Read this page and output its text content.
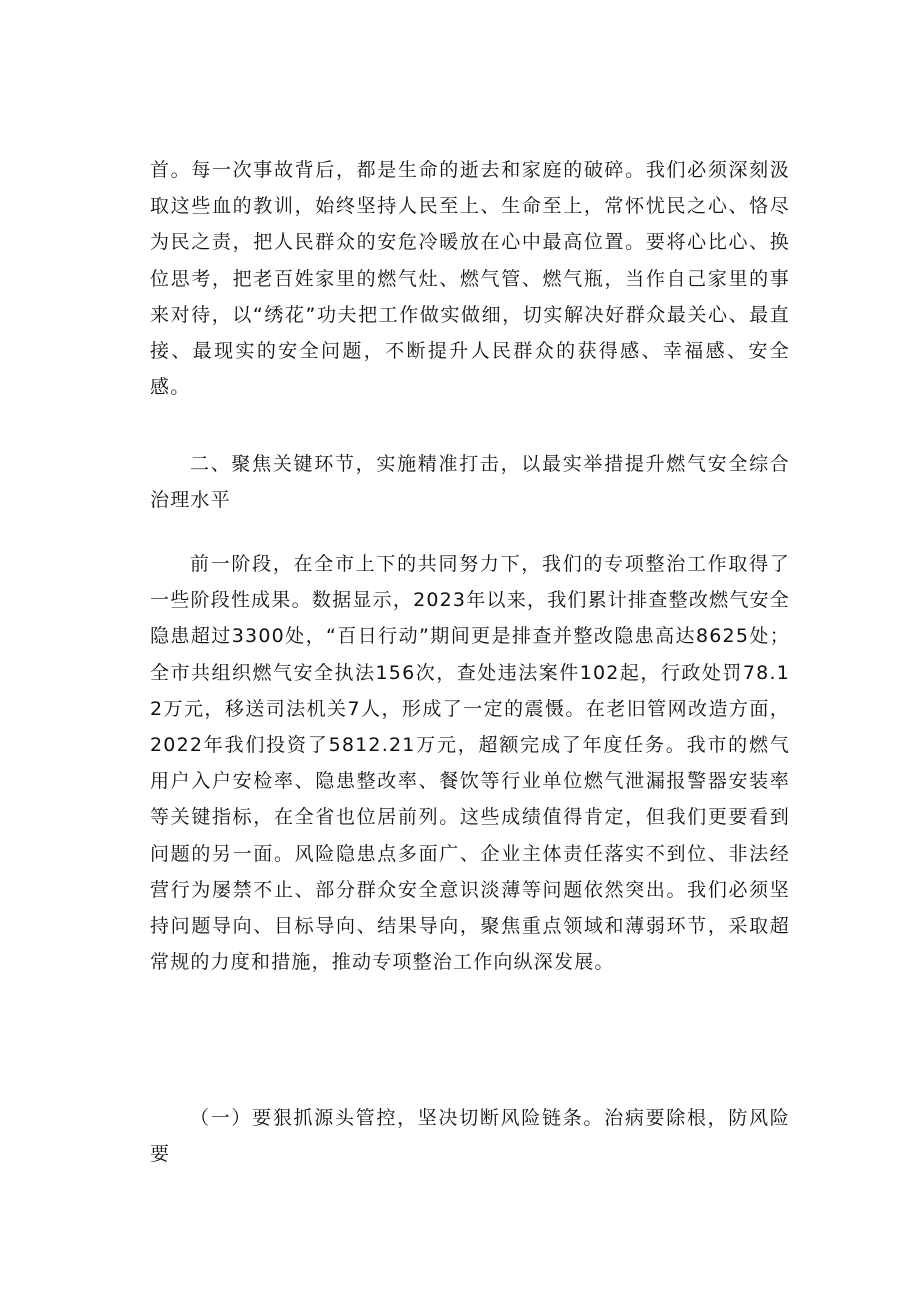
首。每一次事故背后，都是生命的逝去和家庭的破碎。我们必须深刻汲取这些血的教训，始终坚持人民至上、生命至上，常怀忧民之心、恪尽为民之责，把人民群众的安危冷暖放在心中最高位置。要将心比心、换位思考，把老百姓家里的燃气灶、燃气管、燃气瓶，当作自己家里的事来对待，以“绣花”功夫把工作做实做细，切实解决好群众最关心、最直接、最现实的安全问题，不断提升人民群众的获得感、幸福感、安全感。

二、聚焦关键环节，实施精准打击，以最实举措提升燃气安全综合治理水平

前一阶段，在全市上下的共同努力下，我们的专项整治工作取得了一些阶段性成果。数据显示，2023年以来，我们累计排查整改燃气安全隐患超过3300处，“百日行动”期间更是排查并整改隐患高达8625处；全市共组织燃气安全执法156次，查处违法案件102起，行政处罚78.12万元，移送司法机关7人，形成了一定的震慑。在老旧管网改造方面，2022年我们投资了5812.21万元，超额完成了年度任务。我市的燃气用户入户安检率、隐患整改率、餐饮等行业单位燃气泄漏报警器安装率等关键指标，在全省也位居前列。这些成绩值得肯定，但我们更要看到问题的另一面。风险隐患点多面广、企业主体责任落实不到位、非法经营行为屡禁不止、部分群众安全意识淡薄等问题依然突出。我们必须坚持问题导向、目标导向、结果导向，聚焦重点领域和薄弱环节，采取超常规的力度和措施，推动专项整治工作向纵深发展。

（一）要狠抓源头管控，坚决切断风险链条。治病要除根，防风险要
